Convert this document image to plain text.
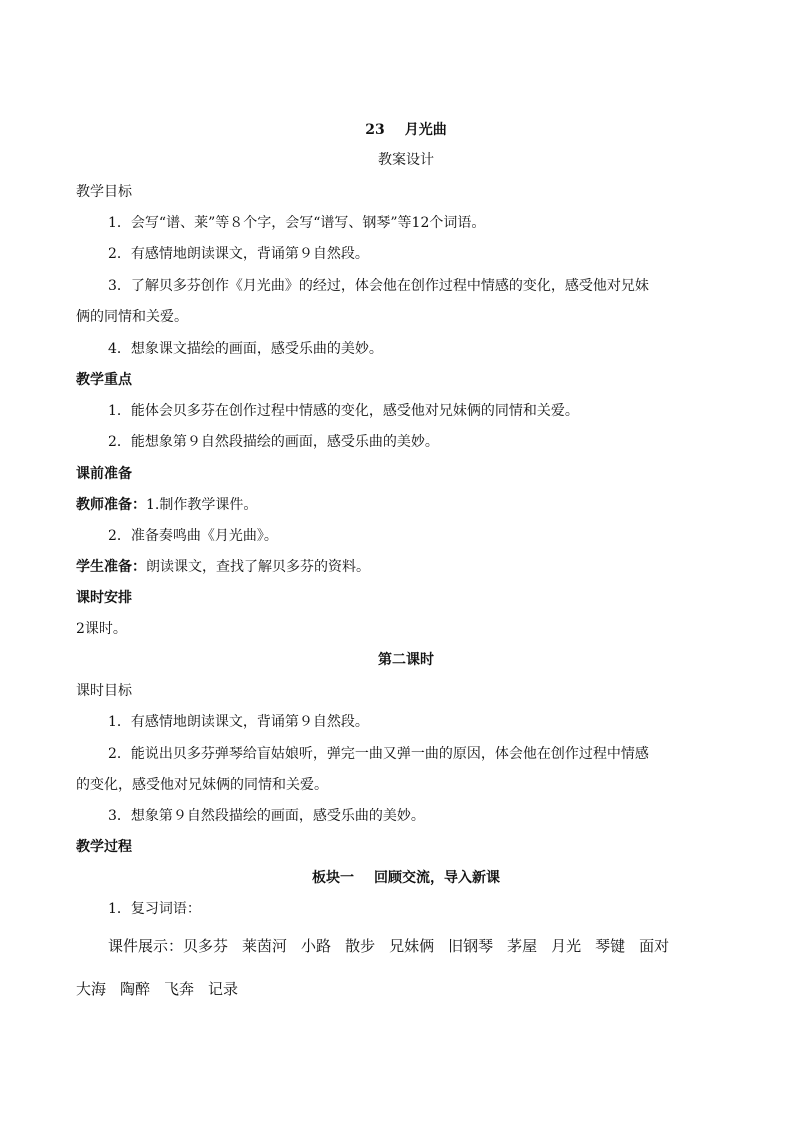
23 月光曲
教案设计
教学目标
1．会写“谱、莱”等８个字，会写“谱写、钢琴”等12个词语。
2．有感情地朗读课文，背诵第９自然段。
3．了解贝多芬创作《月光曲》的经过，体会他在创作过程中情感的变化，感受他对兄妹
俩的同情和关爱。
4．想象课文描绘的画面，感受乐曲的美妙。
教学重点
1．能体会贝多芬在创作过程中情感的变化，感受他对兄妹俩的同情和关爱。
2．能想象第９自然段描绘的画面，感受乐曲的美妙。
课前准备
教师准备：1.制作教学课件。
2．准备奏鸣曲《月光曲》。
学生准备：朗读课文，查找了解贝多芬的资料。
课时安排
2课时。
第二课时
课时目标
1．有感情地朗读课文，背诵第９自然段。
2．能说出贝多芬弹琴给盲姑娘听，弹完一曲又弹一曲的原因，体会他在创作过程中情感
的变化，感受他对兄妹俩的同情和关爱。
3．想象第９自然段描绘的画面，感受乐曲的美妙。
教学过程
板块一 回顾交流，导入新课
1．复习词语：
课件展示：贝多芬 莱茵河 小路 散步 兄妹俩 旧钢琴 茅屋 月光 琴键 面对
大海 陶醉 飞奔 记录
